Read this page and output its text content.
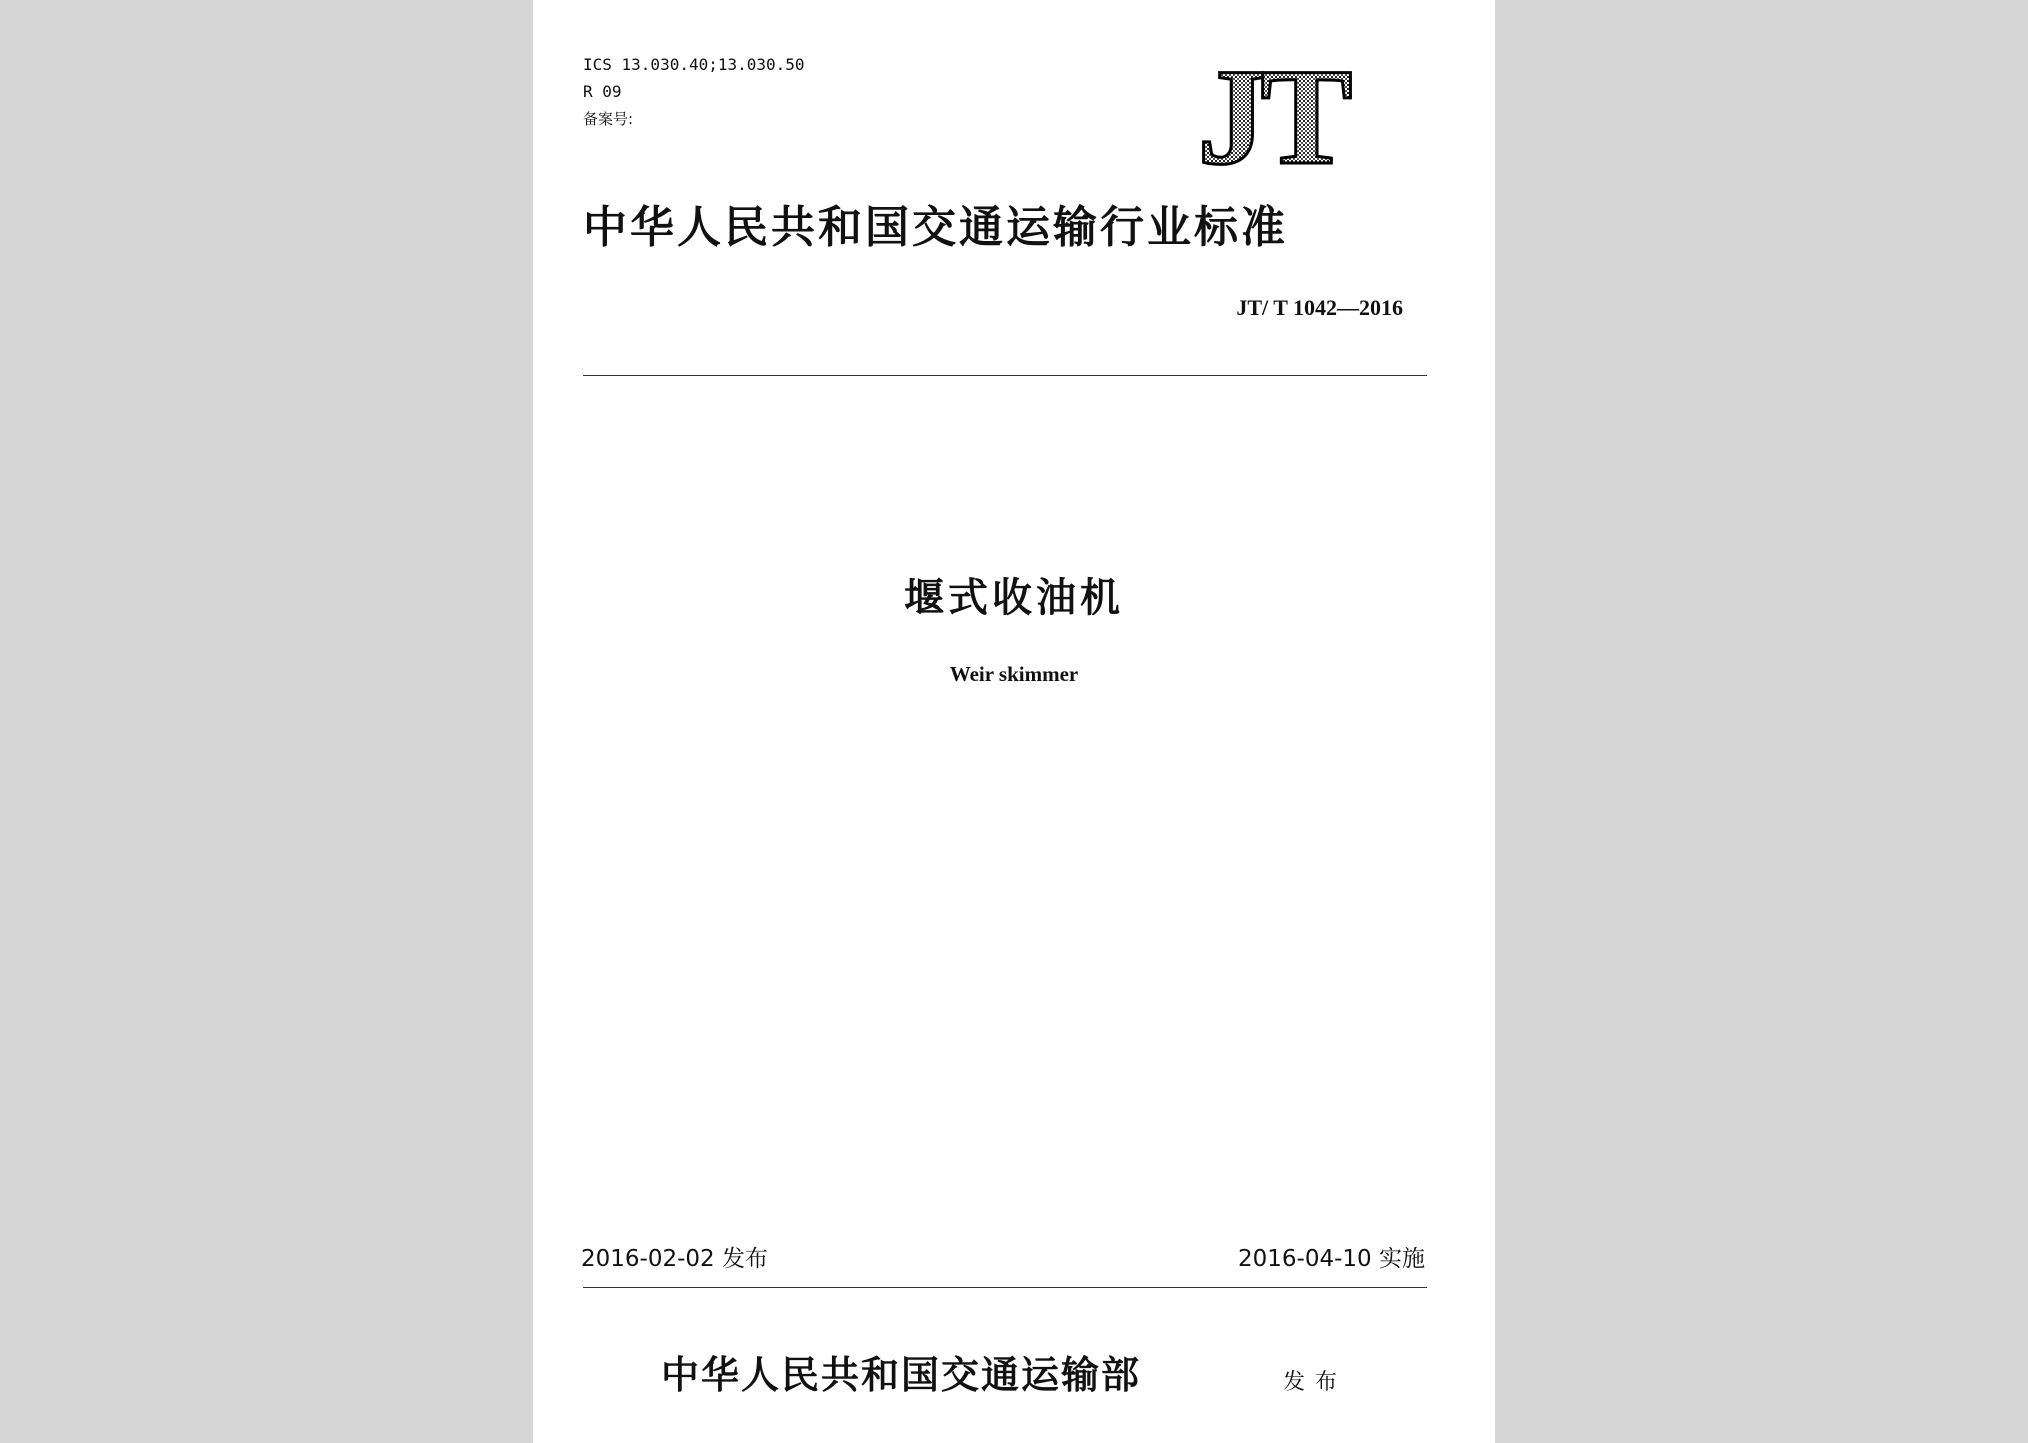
ICS 13.030.40;13.030.50
R 09
备案号:	JT
中华人民共和国交通运输行业标准
JT/ T 1042—2016
堰式收油机
Weir skimmer
2016-02-02 发布	2016-04-10 实施
中华人民共和国交通运输部	发布
